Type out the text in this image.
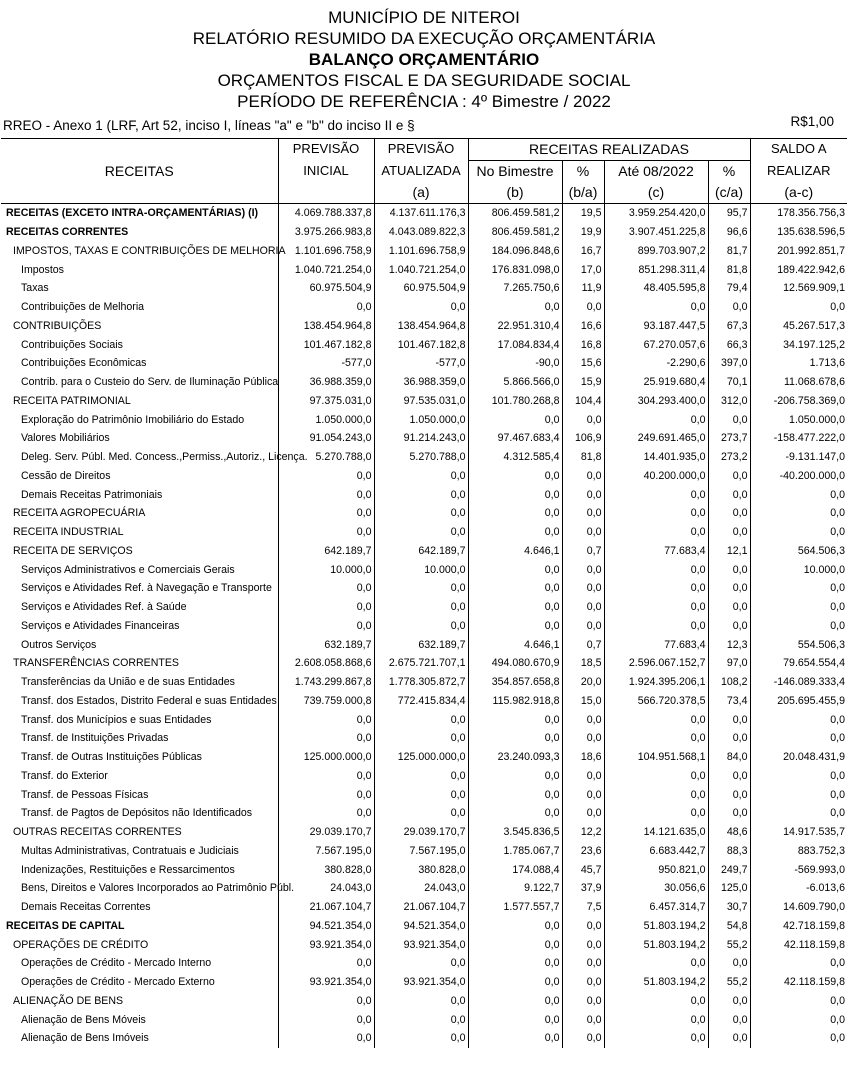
MUNICÍPIO DE NITEROI
RELATÓRIO RESUMIDO DA EXECUÇÃO ORÇAMENTÁRIA
BALANÇO ORÇAMENTÁRIO
ORÇAMENTOS FISCAL E DA SEGURIDADE SOCIAL
PERÍODO DE REFERÊNCIA : 4º Bimestre / 2022
RREO - Anexo 1 (LRF, Art 52, inciso I, líneas "a" e "b" do inciso II e §	R$1,00
RECEITAS	PREVISÃO	PREVISÃO	RECEITAS REALIZADAS				SALDO A
	INICIAL	ATUALIZADA	No Bimestre	%	Até 08/2022	%	REALIZAR
		(a)	(b)	(b/a)	(c)	(c/a)	(a-c)
RECEITAS (EXCETO INTRA-ORÇAMENTÁRIAS) (I)	4.069.788.337,8	4.137.611.176,3	806.459.581,2	19,5	3.959.254.420,0	95,7	178.356.756,3
RECEITAS CORRENTES	3.975.266.983,8	4.043.089.822,3	806.459.581,2	19,9	3.907.451.225,8	96,6	135.638.596,5
IMPOSTOS, TAXAS E CONTRIBUIÇÕES DE MELHORIA	1.101.696.758,9	1.101.696.758,9	184.096.848,6	16,7	899.703.907,2	81,7	201.992.851,7
Impostos	1.040.721.254,0	1.040.721.254,0	176.831.098,0	17,0	851.298.311,4	81,8	189.422.942,6
Taxas	60.975.504,9	60.975.504,9	7.265.750,6	11,9	48.405.595,8	79,4	12.569.909,1
Contribuições de Melhoria	0,0	0,0	0,0	0,0	0,0	0,0	0,0
CONTRIBUIÇÕES	138.454.964,8	138.454.964,8	22.951.310,4	16,6	93.187.447,5	67,3	45.267.517,3
Contribuições Sociais	101.467.182,8	101.467.182,8	17.084.834,4	16,8	67.270.057,6	66,3	34.197.125,2
Contribuições Econômicas	-577,0	-577,0	-90,0	15,6	-2.290,6	397,0	1.713,6
Contrib. para o Custeio do Serv. de Iluminação Pública	36.988.359,0	36.988.359,0	5.866.566,0	15,9	25.919.680,4	70,1	11.068.678,6
RECEITA PATRIMONIAL	97.375.031,0	97.535.031,0	101.780.268,8	104,4	304.293.400,0	312,0	-206.758.369,0
Exploração do Patrimônio Imobiliário do Estado	1.050.000,0	1.050.000,0	0,0	0,0	0,0	0,0	1.050.000,0
Valores Mobiliários	91.054.243,0	91.214.243,0	97.467.683,4	106,9	249.691.465,0	273,7	-158.477.222,0
Deleg. Serv. Públ. Med. Concess.,Permiss.,Autoriz., Licença.	5.270.788,0	5.270.788,0	4.312.585,4	81,8	14.401.935,0	273,2	-9.131.147,0
Cessão de Direitos	0,0	0,0	0,0	0,0	40.200.000,0	0,0	-40.200.000,0
Demais Receitas Patrimoniais	0,0	0,0	0,0	0,0	0,0	0,0	0,0
RECEITA AGROPECUÁRIA	0,0	0,0	0,0	0,0	0,0	0,0	0,0
RECEITA INDUSTRIAL	0,0	0,0	0,0	0,0	0,0	0,0	0,0
RECEITA DE SERVIÇOS	642.189,7	642.189,7	4.646,1	0,7	77.683,4	12,1	564.506,3
Serviços Administrativos e Comerciais Gerais	10.000,0	10.000,0	0,0	0,0	0,0	0,0	10.000,0
Serviços e Atividades Ref. à Navegação e Transporte	0,0	0,0	0,0	0,0	0,0	0,0	0,0
Serviços e Atividades Ref. à Saúde	0,0	0,0	0,0	0,0	0,0	0,0	0,0
Serviços e Atividades Financeiras	0,0	0,0	0,0	0,0	0,0	0,0	0,0
Outros Serviços	632.189,7	632.189,7	4.646,1	0,7	77.683,4	12,3	554.506,3
TRANSFERÊNCIAS CORRENTES	2.608.058.868,6	2.675.721.707,1	494.080.670,9	18,5	2.596.067.152,7	97,0	79.654.554,4
Transferências da União e de suas Entidades	1.743.299.867,8	1.778.305.872,7	354.857.658,8	20,0	1.924.395.206,1	108,2	-146.089.333,4
Transf. dos Estados, Distrito Federal e suas Entidades	739.759.000,8	772.415.834,4	115.982.918,8	15,0	566.720.378,5	73,4	205.695.455,9
Transf. dos Municípios e suas Entidades	0,0	0,0	0,0	0,0	0,0	0,0	0,0
Transf. de Instituições Privadas	0,0	0,0	0,0	0,0	0,0	0,0	0,0
Transf. de Outras Instituições Públicas	125.000.000,0	125.000.000,0	23.240.093,3	18,6	104.951.568,1	84,0	20.048.431,9
Transf. do Exterior	0,0	0,0	0,0	0,0	0,0	0,0	0,0
Transf. de Pessoas Físicas	0,0	0,0	0,0	0,0	0,0	0,0	0,0
Transf. de Pagtos de Depósitos não Identificados	0,0	0,0	0,0	0,0	0,0	0,0	0,0
OUTRAS RECEITAS CORRENTES	29.039.170,7	29.039.170,7	3.545.836,5	12,2	14.121.635,0	48,6	14.917.535,7
Multas Administrativas, Contratuais e Judiciais	7.567.195,0	7.567.195,0	1.785.067,7	23,6	6.683.442,7	88,3	883.752,3
Indenizações, Restituições e Ressarcimentos	380.828,0	380.828,0	174.088,4	45,7	950.821,0	249,7	-569.993,0
Bens, Direitos e Valores Incorporados ao Patrimônio Públ.	24.043,0	24.043,0	9.122,7	37,9	30.056,6	125,0	-6.013,6
Demais Receitas Correntes	21.067.104,7	21.067.104,7	1.577.557,7	7,5	6.457.314,7	30,7	14.609.790,0
RECEITAS DE CAPITAL	94.521.354,0	94.521.354,0	0,0	0,0	51.803.194,2	54,8	42.718.159,8
OPERAÇÕES DE CRÉDITO	93.921.354,0	93.921.354,0	0,0	0,0	51.803.194,2	55,2	42.118.159,8
Operações de Crédito - Mercado Interno	0,0	0,0	0,0	0,0	0,0	0,0	0,0
Operações de Crédito - Mercado Externo	93.921.354,0	93.921.354,0	0,0	0,0	51.803.194,2	55,2	42.118.159,8
ALIENAÇÃO DE BENS	0,0	0,0	0,0	0,0	0,0	0,0	0,0
Alienação de Bens Móveis	0,0	0,0	0,0	0,0	0,0	0,0	0,0
Alienação de Bens Imóveis	0,0	0,0	0,0	0,0	0,0	0,0	0,0
